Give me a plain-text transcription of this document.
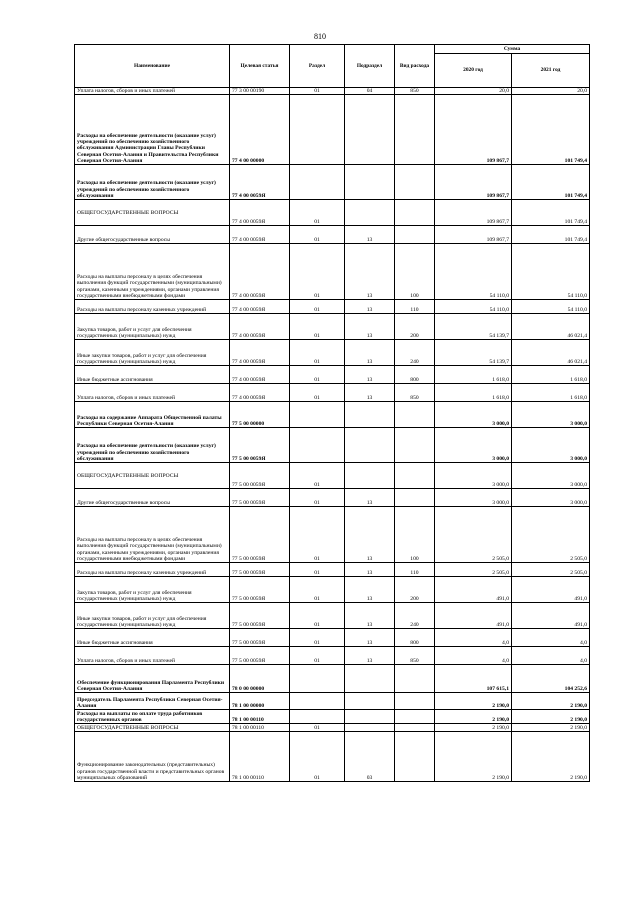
810
Наименование	Целевая статья	Раздел	Подраздел	Вид расхода	Сумма	
					2020 год	2021 год
Уплата налогов, сборов и иных платежей	77 3 00 00190	01	04	850	20,0	20,0
Расходы на обеспечение деятельности (оказание услуг) учреждений по обеспечению хозяйственного обслуживания Администрации Главы Республики Северная Осетия-Алания и Правительства Республики Северная Осетия-Алания	77 4 00 00000				109 867,7	101 749,4
Расходы на обеспечение деятельности (оказание услуг) учреждений по обеспечению хозяйственного обслуживания	77 4 00 0059Я				109 867,7	101 749,4
ОБЩЕГОСУДАРСТВЕННЫЕ ВОПРОСЫ	77 4 00 0059Я	01			109 867,7	101 749,4
Другие общегосударственные вопросы	77 4 00 0059Я	01	13		109 867,7	101 749,4
Расходы на выплаты персоналу в целях обеспечения выполнения функций государственными (муниципальными) органами, казенными учреждениями, органами управления государственными внебюджетными фондами	77 4 00 0059Я	01	13	100	54 110,0	54 110,0
Расходы на выплаты персоналу казенных учреждений	77 4 00 0059Я	01	13	110	54 110,0	54 110,0
Закупка товаров, работ и услуг для обеспечения государственных (муниципальных) нужд	77 4 00 0059Я	01	13	200	54 139,7	46 021,4
Иные закупки товаров, работ и услуг для обеспечения государственных (муниципальных) нужд	77 4 00 0059Я	01	13	240	54 139,7	46 021,4
Иные бюджетные ассигнования	77 4 00 0059Я	01	13	800	1 618,0	1 618,0
Уплата налогов, сборов и иных платежей	77 4 00 0059Я	01	13	850	1 618,0	1 618,0
Расходы на содержание Аппарата Общественной палаты Республики Северная Осетия-Алания	77 5 00 00000				3 000,0	3 000,0
Расходы на обеспечение деятельности (оказание услуг) учреждений по обеспечению хозяйственного обслуживания	77 5 00 0059Я				3 000,0	3 000,0
ОБЩЕГОСУДАРСТВЕННЫЕ ВОПРОСЫ	77 5 00 0059Я	01			3 000,0	3 000,0
Другие общегосударственные вопросы	77 5 00 0059Я	01	13		3 000,0	3 000,0
Расходы на выплаты персоналу в целях обеспечения выполнения функций государственными (муниципальными) органами, казенными учреждениями, органами управления государственными внебюджетными фондами	77 5 00 0059Я	01	13	100	2 505,0	2 505,0
Расходы на выплаты персоналу казенных учреждений	77 5 00 0059Я	01	13	110	2 505,0	2 505,0
Закупка товаров, работ и услуг для обеспечения государственных (муниципальных) нужд	77 5 00 0059Я	01	13	200	491,0	491,0
Иные закупки товаров, работ и услуг для обеспечения государственных (муниципальных) нужд	77 5 00 0059Я	01	13	240	491,0	491,0
Иные бюджетные ассигнования	77 5 00 0059Я	01	13	800	4,0	4,0
Уплата налогов, сборов и иных платежей	77 5 00 0059Я	01	13	850	4,0	4,0
Обеспечение функционирования Парламента Республики Северная Осетия-Алания	78 0 00 00000				107 615,1	104 252,6
Председатель Парламента Республики Северная Осетия-Алания	78 1 00 00000				2 190,0	2 190,0
Расходы на выплаты по оплате труда работников государственных органов	78 1 00 00110				2 190,0	2 190,0
ОБЩЕГОСУДАРСТВЕННЫЕ ВОПРОСЫ	78 1 00 00110	01			2 190,0	2 190,0
Функционирование законодательных (представительных) органов государственной власти и представительных органов муниципальных образований	78 1 00 00110	01	03		2 190,0	2 190,0
